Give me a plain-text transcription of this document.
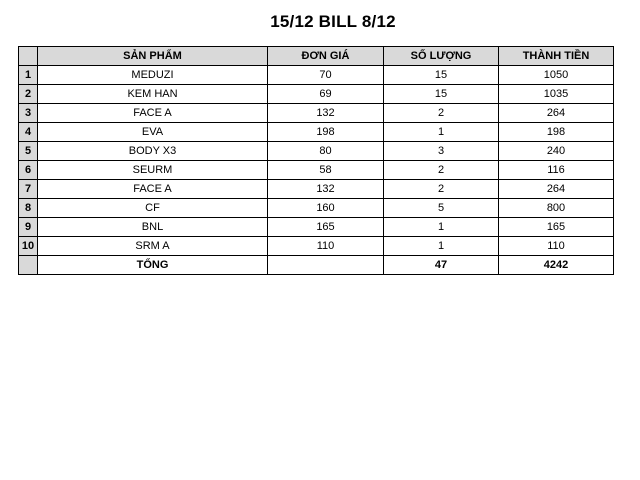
15/12 BILL 8/12
	SẢN PHẨM	ĐƠN GIÁ	SỐ LƯỢNG	THÀNH TIỀN
1	MEDUZI	70	15	1050
2	KEM HAN	69	15	1035
3	FACE A	132	2	264
4	EVA	198	1	198
5	BODY X3	80	3	240
6	SEURM	58	2	116
7	FACE A	132	2	264
8	CF	160	5	800
9	BNL	165	1	165
10	SRM A	110	1	110
	TỔNG		47	4242
